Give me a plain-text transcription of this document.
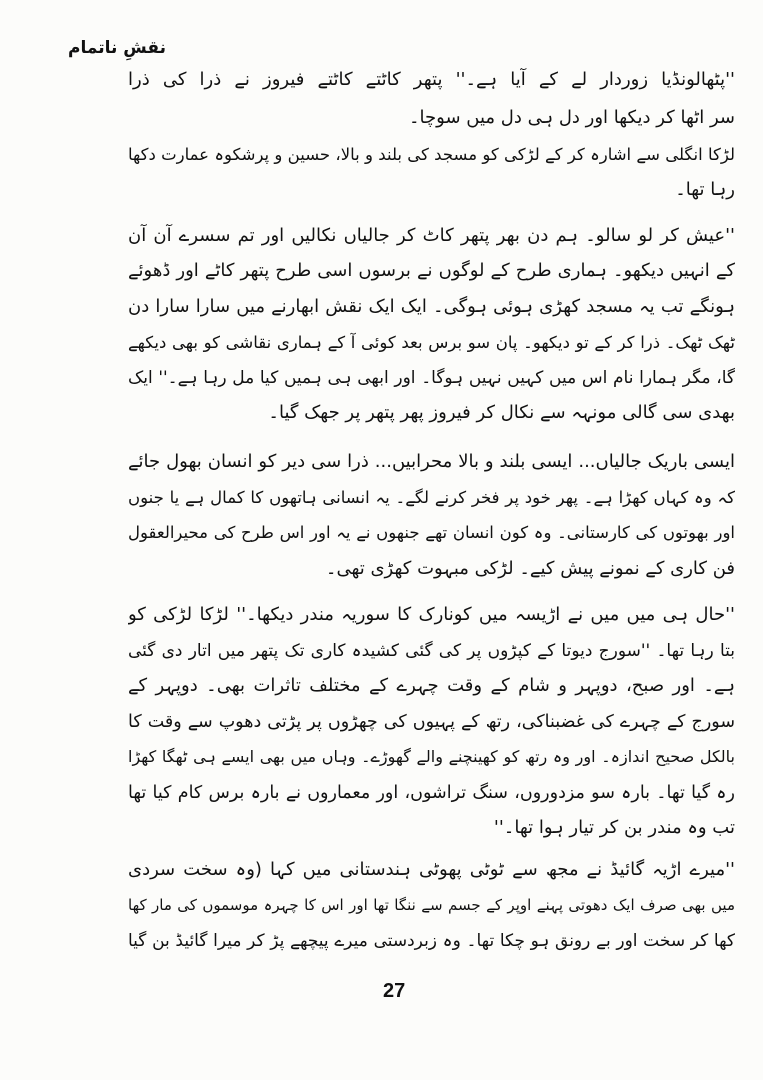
نقشِ ناتمام
''پٹھالونڈیا زوردار لے کے آیا ہے۔'' پتھر کاٹتے کاٹتے فیروز نے ذرا کی ذرا
سر اٹھا کر دیکھا اور دل ہی دل میں سوچا۔
لڑکا انگلی سے اشارہ کر کے لڑکی کو مسجد کی بلند و بالا، حسین و پرشکوہ عمارت دکھا
رہا تھا۔
''عیش کر لو سالو۔ ہم دن بھر پتھر کاٹ کر جالیاں نکالیں اور تم سسرے آن آن
کے انہیں دیکھو۔ ہماری طرح کے لوگوں نے برسوں اسی طرح پتھر کاٹے اور ڈھوئے
ہونگے تب یہ مسجد کھڑی ہوئی ہوگی۔ ایک ایک نقش ابھارنے میں سارا سارا دن
ٹھک ٹھک۔ ذرا کر کے تو دیکھو۔ پان سو برس بعد کوئی آ کے ہماری نقاشی کو بھی دیکھے
گا، مگر ہمارا نام اس میں کہیں نہیں ہوگا۔ اور ابھی ہی ہمیں کیا مل رہا ہے۔'' ایک
بھدی سی گالی مونہہ سے نکال کر فیروز پھر پتھر پر جھک گیا۔
ایسی باریک جالیاں... ایسی بلند و بالا محرابیں... ذرا سی دیر کو انسان بھول جائے
کہ وہ کہاں کھڑا ہے۔ پھر خود پر فخر کرنے لگے۔ یہ انسانی ہاتھوں کا کمال ہے یا جنوں
اور بھوتوں کی کارستانی۔ وہ کون انسان تھے جنھوں نے یہ اور اس طرح کی محیرالعقول
فن کاری کے نمونے پیش کیے۔ لڑکی مبہوت کھڑی تھی۔
''حال ہی میں میں نے اڑیسہ میں کونارک کا سوریہ مندر دیکھا۔'' لڑکا لڑکی کو
بتا رہا تھا۔ ''سورج دیوتا کے کپڑوں پر کی گئی کشیدہ کاری تک پتھر میں اتار دی گئی
ہے۔ اور صبح، دوپہر و شام کے وقت چہرے کے مختلف تاثرات بھی۔ دوپہر کے
سورج کے چہرے کی غضبناکی، رتھ کے پہیوں کی چھڑوں پر پڑتی دھوپ سے وقت کا
بالکل صحیح اندازہ۔ اور وہ رتھ کو کھینچنے والے گھوڑے۔ وہاں میں بھی ایسے ہی ٹھگا کھڑا
رہ گیا تھا۔ بارہ سو مزدوروں، سنگ تراشوں، اور معماروں نے بارہ برس کام کیا تھا
تب وہ مندر بن کر تیار ہوا تھا۔''
''میرے اڑیہ گائیڈ نے مجھ سے ٹوٹی پھوٹی ہندستانی میں کہا (وہ سخت سردی
میں بھی صرف ایک دھوتی پہنے اوپر کے جسم سے ننگا تھا اور اس کا چہرہ موسموں کی مار کھا
کھا کر سخت اور بے رونق ہو چکا تھا۔ وہ زبردستی میرے پیچھے پڑ کر میرا گائیڈ بن گیا
27
